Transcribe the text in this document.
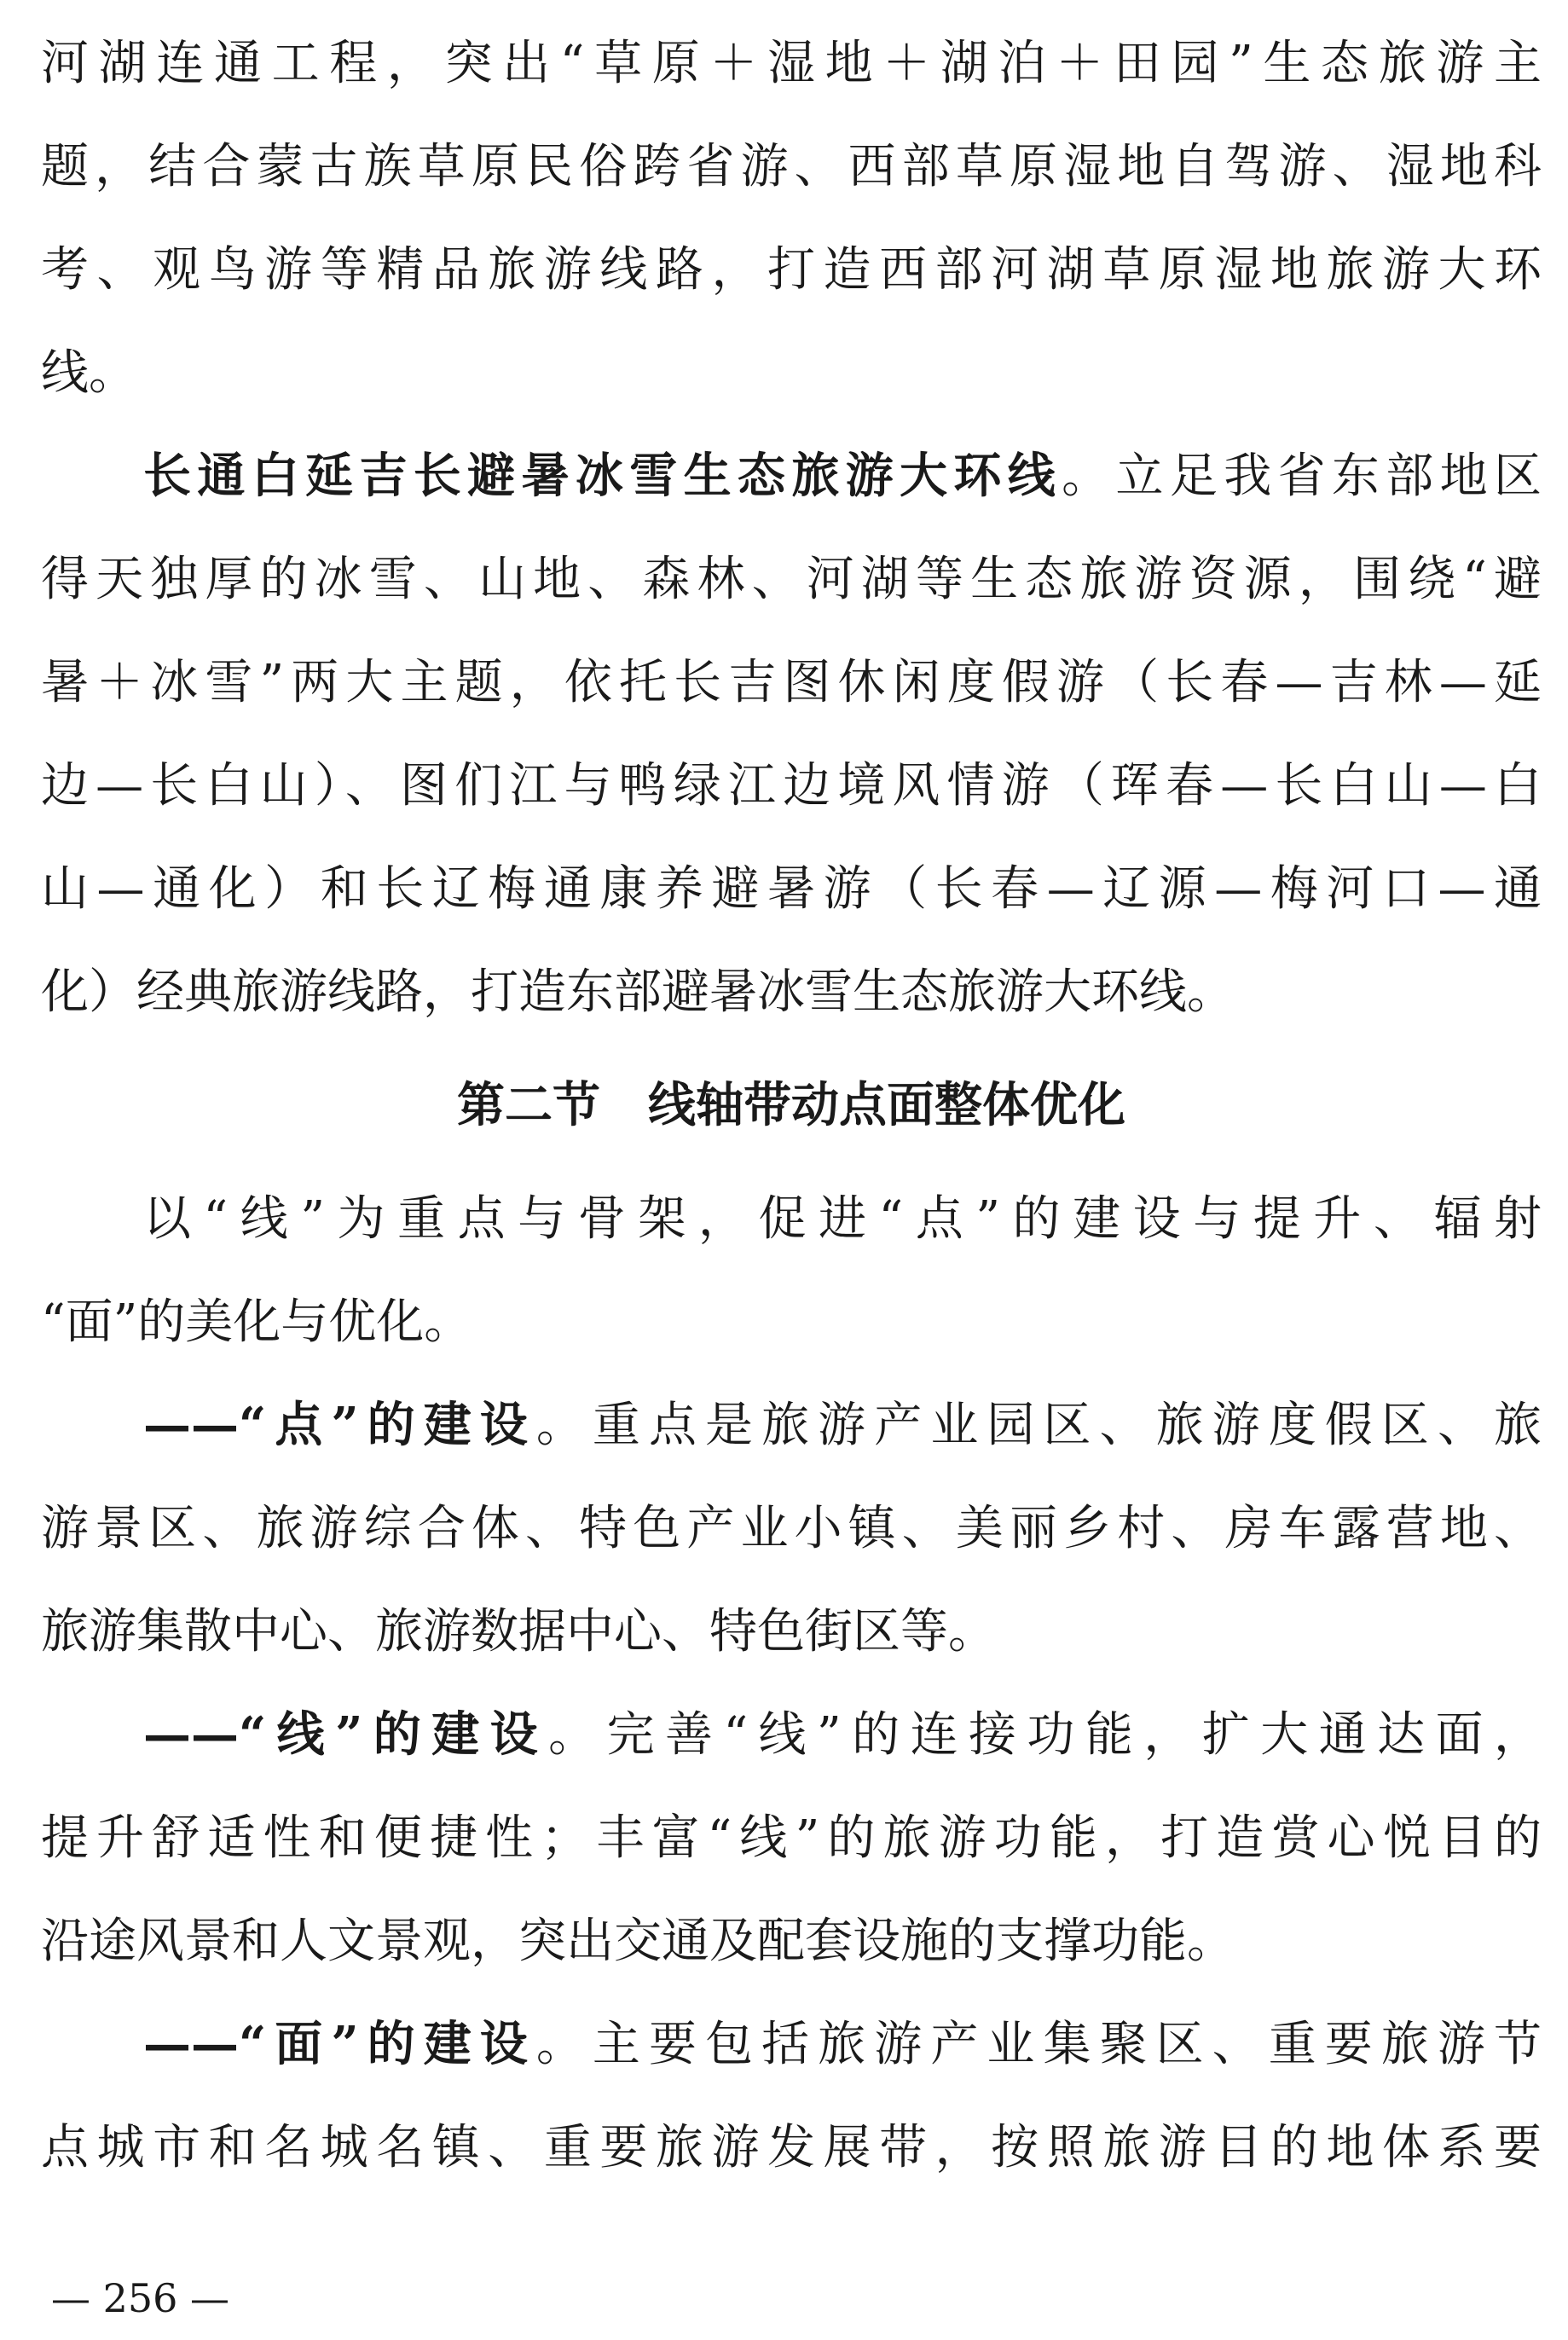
河湖连通工程，突出“草原＋湿地＋湖泊＋田园”生态旅游主
题，结合蒙古族草原民俗跨省游、西部草原湿地自驾游、湿地科
考、观鸟游等精品旅游线路，打造西部河湖草原湿地旅游大环
线。
长通白延吉长避暑冰雪生态旅游大环线。立足我省东部地区
得天独厚的冰雪、山地、森林、河湖等生态旅游资源，围绕“避
暑＋冰雪”两大主题，依托长吉图休闲度假游（长春—吉林—延
边—长白山）、图们江与鸭绿江边境风情游（珲春—长白山—白
山—通化）和长辽梅通康养避暑游（长春—辽源—梅河口—通
化）经典旅游线路，打造东部避暑冰雪生态旅游大环线。
第二节　线轴带动点面整体优化
以“线”为重点与骨架，促进“点”的建设与提升、辐射
“面”的美化与优化。
——“点”的建设。重点是旅游产业园区、旅游度假区、旅
游景区、旅游综合体、特色产业小镇、美丽乡村、房车露营地、
旅游集散中心、旅游数据中心、特色街区等。
——“线”的建设。完善“线”的连接功能，扩大通达面，
提升舒适性和便捷性；丰富“线”的旅游功能，打造赏心悦目的
沿途风景和人文景观，突出交通及配套设施的支撑功能。
——“面”的建设。主要包括旅游产业集聚区、重要旅游节
点城市和名城名镇、重要旅游发展带，按照旅游目的地体系要
— 256 —
